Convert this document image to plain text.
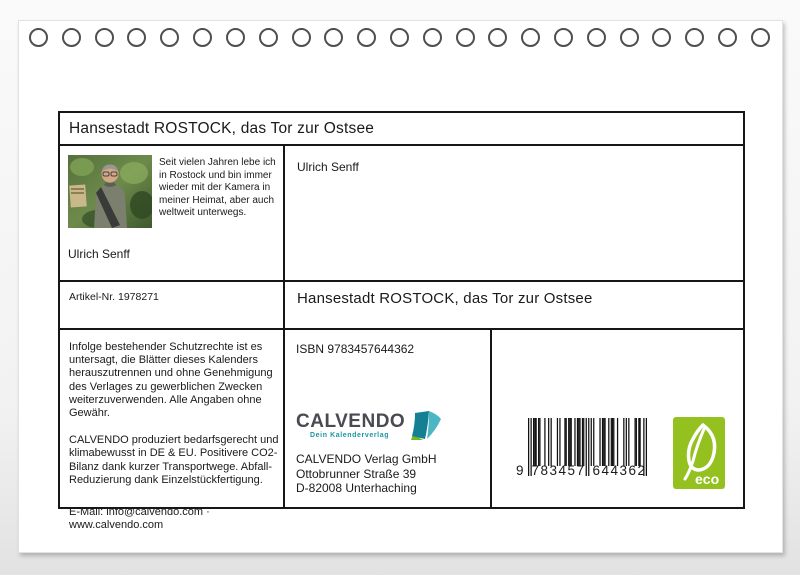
Hansestadt ROSTOCK, das Tor zur Ostsee
Seit vielen Jahren lebe ich in Rostock und bin immer wieder mit der Kamera in meiner Heimat, aber auch weltweit unterwegs.
Ulrich Senff
Ulrich Senff
Artikel-Nr. 1978271	Hansestadt ROSTOCK, das Tor zur Ostsee

Infolge bestehender Schutzrechte ist es untersagt, die Blätter dieses Kalenders herauszutrennen und ohne Genehmigung des Verlages zu gewerblichen Zwecken weiterzuverwenden. Alle Angaben ohne Gewähr.

CALVENDO produziert bedarfsgerecht und klimabewusst in DE & EU. Positivere CO2-Bilanz dank kurzer Transportwege. Abfall-Reduzierung dank Einzelstückfertigung.

E-Mail: info@calvendo.com ·
www.calvendo.com
ISBN 9783457644362
CALVENDO
Dein Kalenderverlag
CALVENDO Verlag GmbH
Ottobrunner Straße 39
D-82008 Unterhaching
9 783457 644362
eco
